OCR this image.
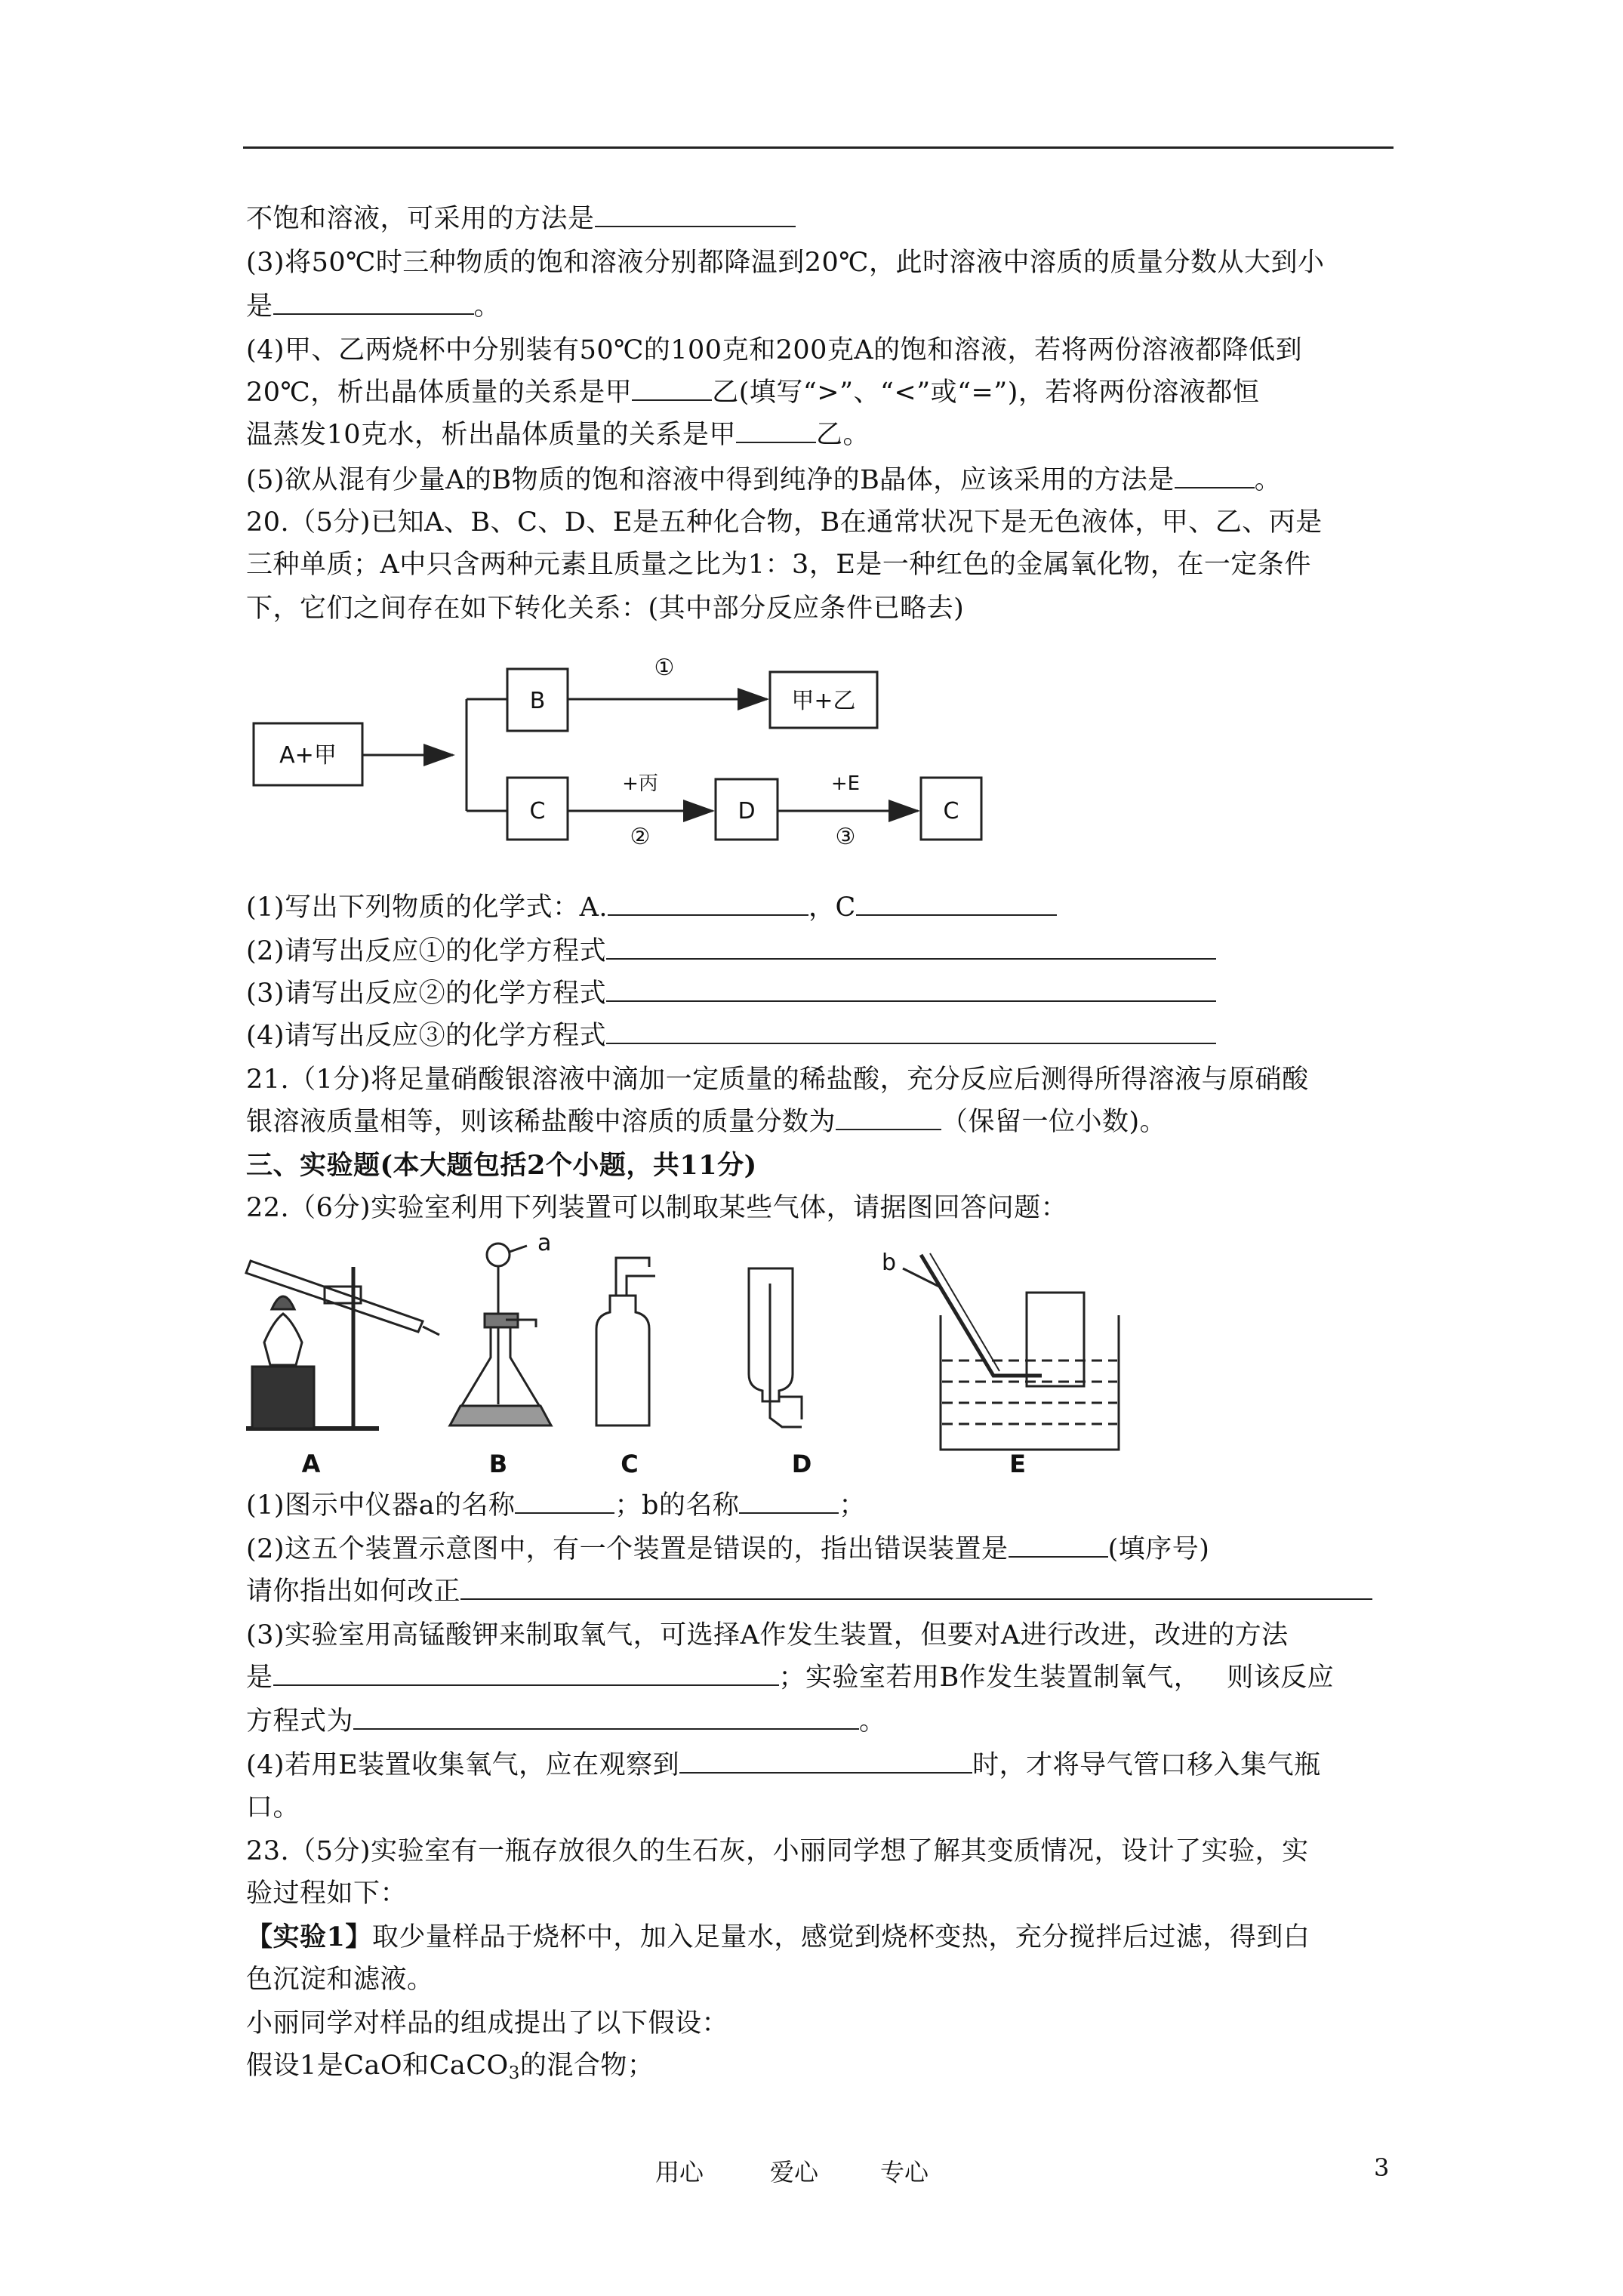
不饱和溶液，可采用的方法是
(3)将50℃时三种物质的饱和溶液分别都降温到20℃，此时溶液中溶质的质量分数从大到小
是	。
(4)甲、乙两烧杯中分别装有50℃的100克和200克A的饱和溶液，若将两份溶液都降低到
20℃，析出晶体质量的关系是甲	乙(填写“>”、“<”或“=”)，若将两份溶液都恒
温蒸发10克水，析出晶体质量的关系是甲	乙。
(5)欲从混有少量A的B物质的饱和溶液中得到纯净的B晶体，应该采用的方法是	。
20.（5分)已知A、B、C、D、E是五种化合物，B在通常状况下是无色液体，甲、乙、丙是
三种单质；A中只含两种元素且质量之比为1：3，E是一种红色的金属氧化物，在一定条件
下，它们之间存在如下转化关系：(其中部分反应条件已略去)
A+甲
B	甲+乙
C	D	C
①
+丙
②
+E
③
(1)写出下列物质的化学式：A.	，C
(2)请写出反应①的化学方程式
(3)请写出反应②的化学方程式
(4)请写出反应③的化学方程式
21.（1分)将足量硝酸银溶液中滴加一定质量的稀盐酸，充分反应后测得所得溶液与原硝酸
银溶液质量相等，则该稀盐酸中溶质的质量分数为	（保留一位小数)。
三、实验题(本大题包括2个小题，共11分)
22.（6分)实验室利用下列装置可以制取某些气体，请据图回答问题：
a
b
A	B	C	D	E
(1)图示中仪器a的名称	；b的名称	；
(2)这五个装置示意图中，有一个装置是错误的，指出错误装置是	(填序号)
请你指出如何改正
(3)实验室用高锰酸钾来制取氧气，可选择A作发生装置，但要对A进行改进，改进的方法
是	；实验室若用B作发生装置制氧气，   则该反应
方程式为	。
(4)若用E装置收集氧气，应在观察到	时，才将导气管口移入集气瓶
口。
23.（5分)实验室有一瓶存放很久的生石灰，小丽同学想了解其变质情况，设计了实验，实
验过程如下：
【实验1】取少量样品于烧杯中，加入足量水，感觉到烧杯变热，充分搅拌后过滤，得到白
色沉淀和滤液。
小丽同学对样品的组成提出了以下假设：
假设1是CaO和CaCO$_3$的混合物；
用心	爱心	专心	3
